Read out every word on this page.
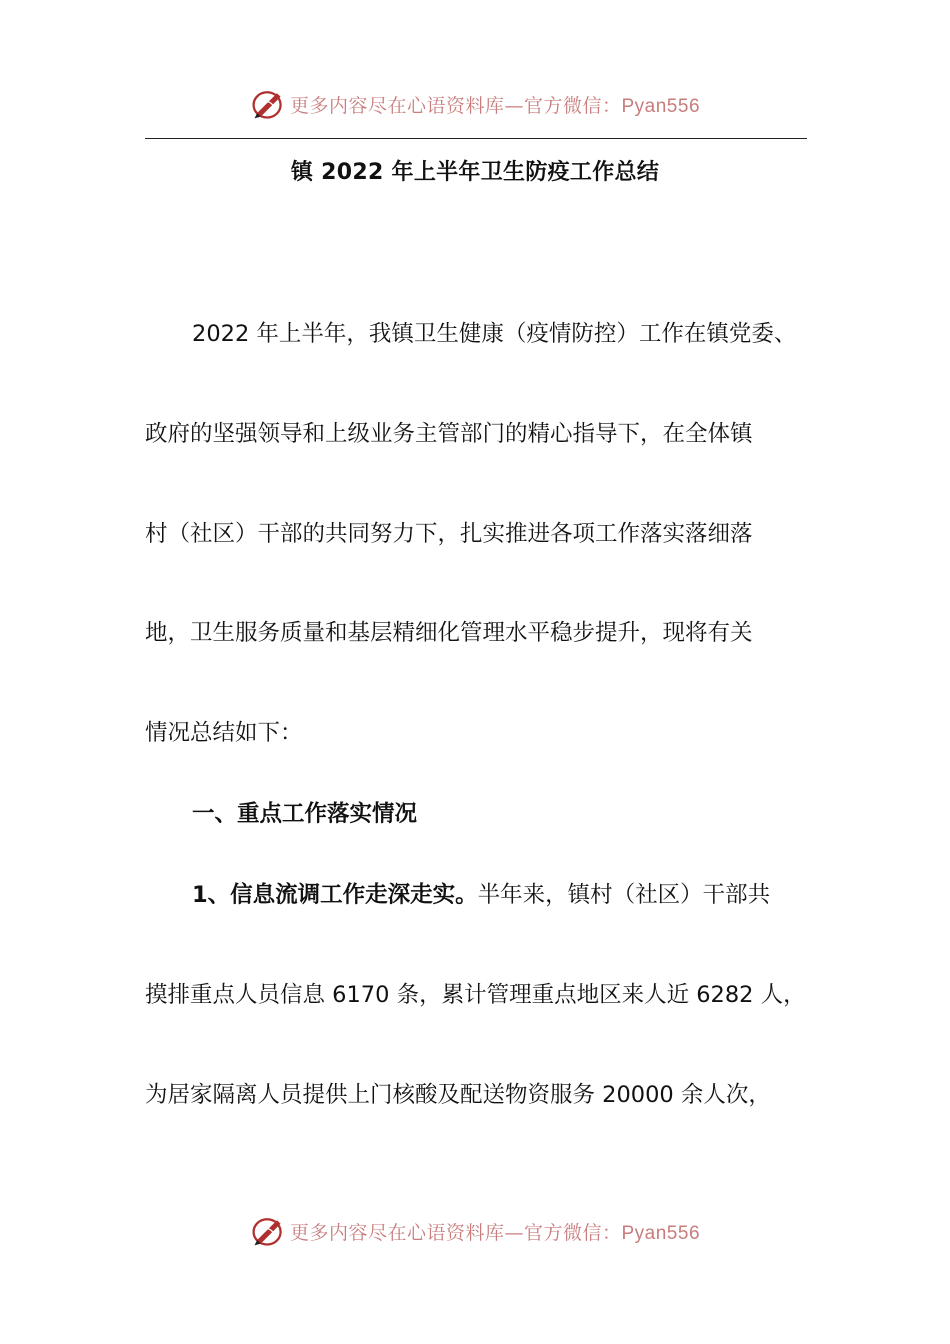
更多内容尽在心语资料库—官方微信：Pyan556
镇 2022 年上半年卫生防疫工作总结
2022 年上半年，我镇卫生健康（疫情防控）工作在镇党委、
政府的坚强领导和上级业务主管部门的精心指导下，在全体镇
村（社区）干部的共同努力下，扎实推进各项工作落实落细落
地，卫生服务质量和基层精细化管理水平稳步提升，现将有关
情况总结如下：
一、重点工作落实情况
1、信息流调工作走深走实。半年来，镇村（社区）干部共
摸排重点人员信息 6170 条，累计管理重点地区来人近 6282 人，
为居家隔离人员提供上门核酸及配送物资服务 20000 余人次，
更多内容尽在心语资料库—官方微信：Pyan556
